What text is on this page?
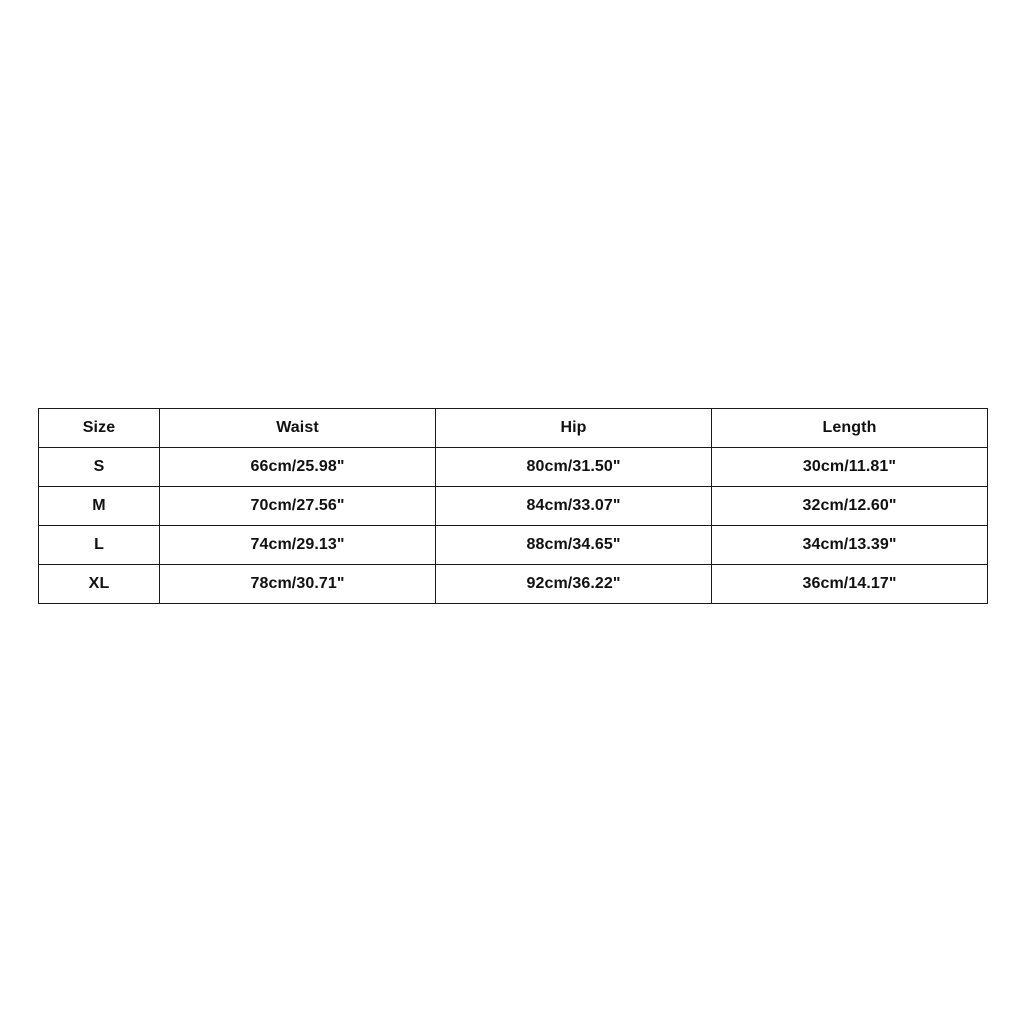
Size	Waist	Hip	Length
S	66cm/25.98"	80cm/31.50"	30cm/11.81"
M	70cm/27.56"	84cm/33.07"	32cm/12.60"
L	74cm/29.13"	88cm/34.65"	34cm/13.39"
XL	78cm/30.71"	92cm/36.22"	36cm/14.17"
